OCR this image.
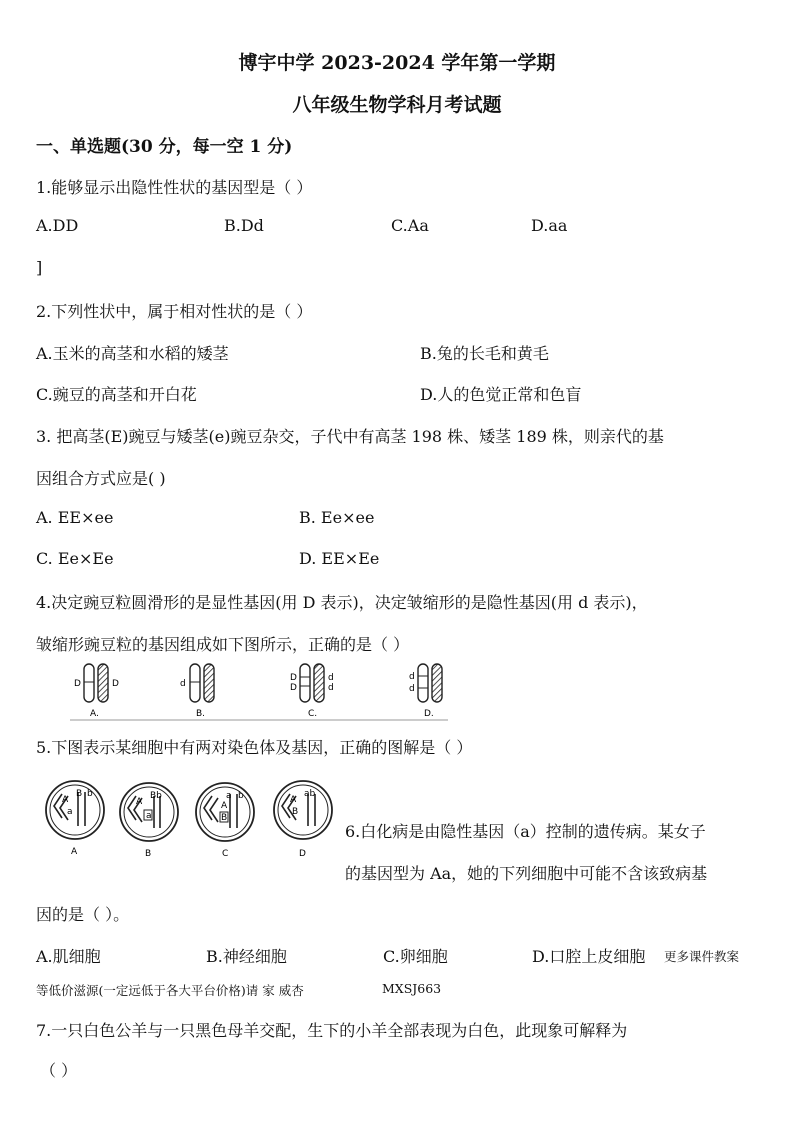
博宇中学 2023-2024 学年第一学期
八年级生物学科月考试题
一、单选题(30 分，每一空 1 分)
1.能够显示出隐性性状的基因型是（ ）
A.DD	B.Dd	C.Aa	D.aa
]
2.下列性状中，属于相对性状的是（ ）
A.玉米的高茎和水稻的矮茎	B.兔的长毛和黄毛
C.豌豆的高茎和开白花	D.人的色觉正常和色盲
3. 把高茎(E)豌豆与矮茎(e)豌豆杂交，子代中有高茎 198 株、矮茎 189 株，则亲代的基
因组合方式应是( )
A. EE×ee	B. Ee×ee
C. Ee×Ee	D. EE×Ee
4.决定豌豆粒圆滑形的是显性基因(用 D 表示)，决定皱缩形的是隐性基因(用 d 表示)，
皱缩形豌豆粒的基因组成如下图所示，正确的是（ ）
D	D
A.
d
B.
D
D
d
d
C.
d
d
D.
5.下图表示某细胞中有两对染色体及基因，正确的图解是（ ）
A
a
B b
A
A
a
Bb
B
a b
A
B
C
A
B
ab
D
6.白化病是由隐性基因（a）控制的遗传病。某女子
的基因型为 Aa，她的下列细胞中可能不含该致病基
因的是（ ）。
A.肌细胞	B.神经细胞	C.卵细胞	D.口腔上皮细胞 更多课件教案
等低价滋源(一定远低于各大平台价格)请 家 威杏	MXSJ663
7.一只白色公羊与一只黑色母羊交配，生下的小羊全部表现为白色，此现象可解释为
（ ）
